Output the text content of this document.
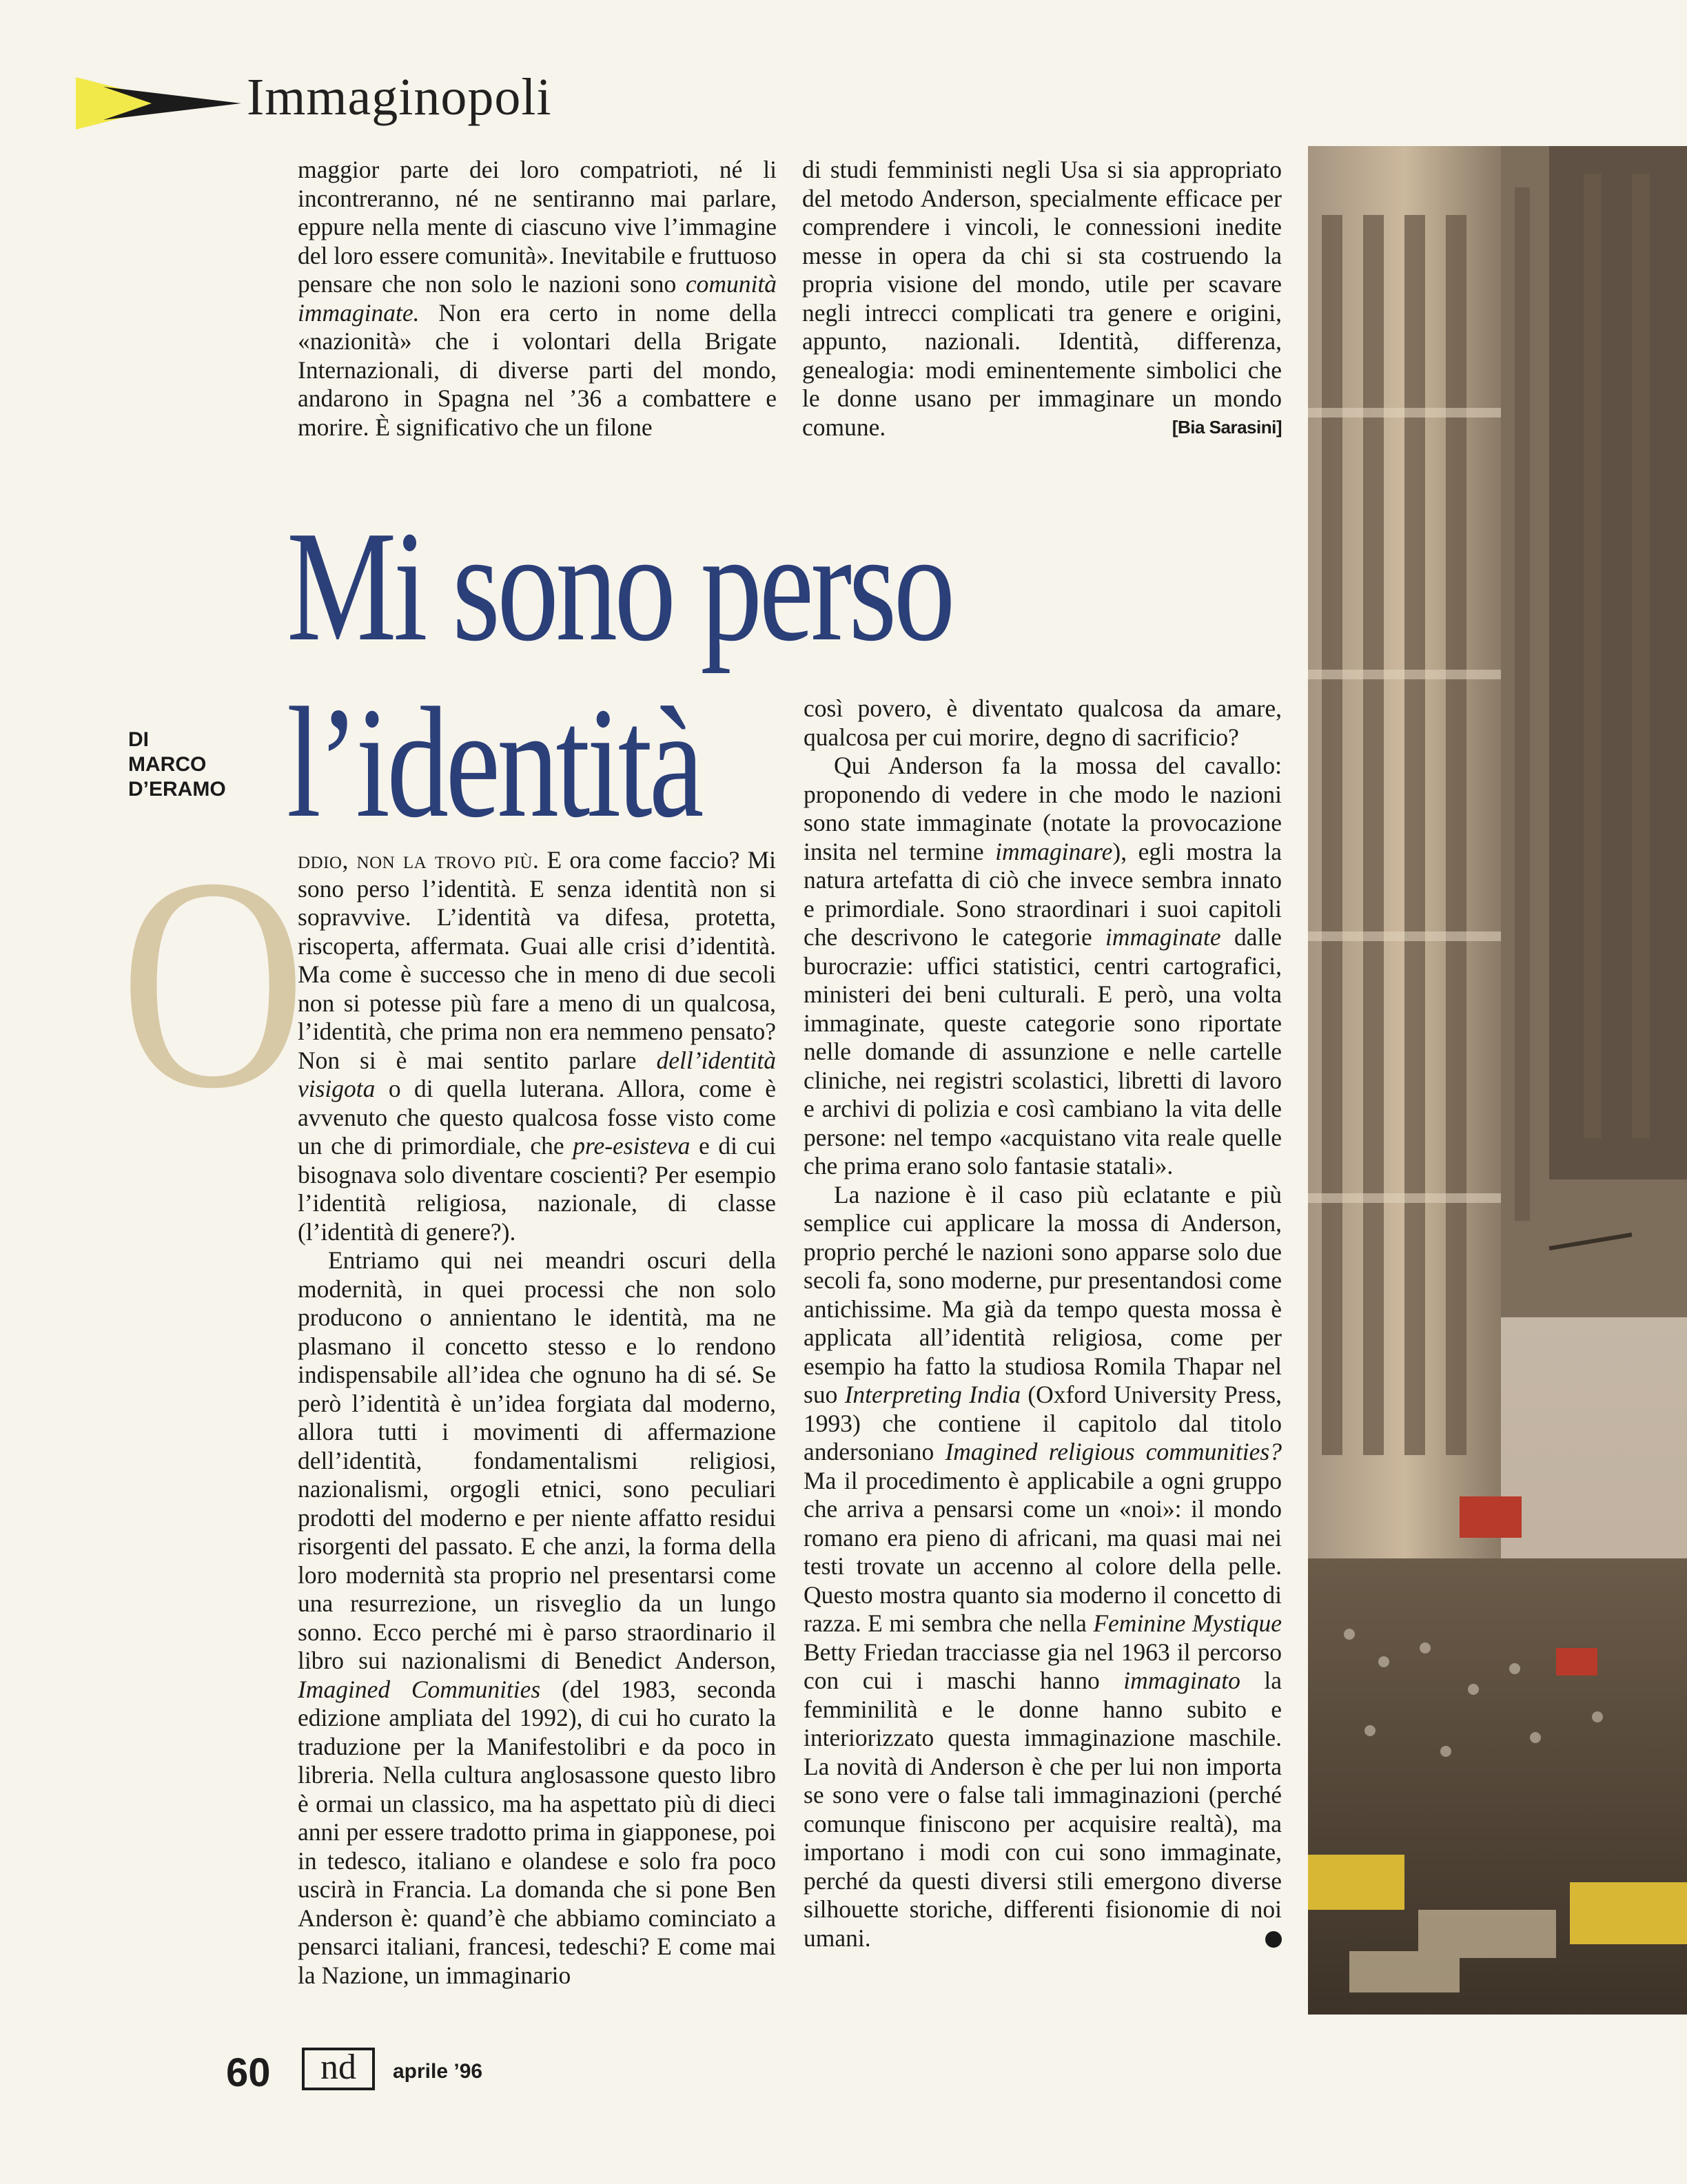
Immaginopoli

maggior parte dei loro compatrioti, né li incontreranno, né ne sentiranno mai parlare, eppure nella mente di ciascuno vive l’immagine del loro essere comunità». Inevitabile e fruttuoso pensare che non solo le nazioni sono comunità immaginate. Non era certo in nome della «nazionità» che i volontari della Brigate Internazionali, di diverse parti del mondo, andarono in Spagna nel ’36 a combattere e morire. È significativo che un filone

di studi femministi negli Usa si sia appropriato del metodo Anderson, specialmente efficace per comprendere i vincoli, le connessioni inedite messe in opera da chi si sta costruendo la propria visione del mondo, utile per scavare negli intrecci complicati tra genere e origini, appunto, nazionali. Identità, differenza, genealogia: modi eminentemente simbolici che le donne usano per immaginare un mondo comune.	[Bia Sarasini]

Mi sono perso
l’identità
DI
MARCO
D’ERAMO
O

ddio, non la trovo più. E ora come faccio? Mi sono perso l’identità. E senza identità non si sopravvive. L’identità va difesa, protetta, riscoperta, affermata. Guai alle crisi d’identità. Ma come è successo che in meno di due secoli non si potesse più fare a meno di un qualcosa, l’identità, che prima non era nemmeno pensato? Non si è mai sentito parlare dell’identità visigota o di quella luterana. Allora, come è avvenuto che questo qualcosa fosse visto come un che di primordiale, che pre-esisteva e di cui bisognava solo diventare coscienti? Per esempio l’identità religiosa, nazionale, di classe (l’identità di genere?).

Entriamo qui nei meandri oscuri della modernità, in quei processi che non solo producono o annientano le identità, ma ne plasmano il concetto stesso e lo rendono indispensabile all’idea che ognuno ha di sé. Se però l’identità è un’idea forgiata dal moderno, allora tutti i movimenti di affermazione dell’identità, fondamentalismi religiosi, nazionalismi, orgogli etnici, sono peculiari prodotti del moderno e per niente affatto residui risorgenti del passato. E che anzi, la forma della loro modernità sta proprio nel presentarsi come una resurrezione, un risveglio da un lungo sonno. Ecco perché mi è parso straordinario il libro sui nazionalismi di Benedict Anderson, Imagined Communities (del 1983, seconda edizione ampliata del 1992), di cui ho curato la traduzione per la Manifestolibri e da poco in libreria. Nella cultura anglosassone questo libro è ormai un classico, ma ha aspettato più di dieci anni per essere tradotto prima in giapponese, poi in tedesco, italiano e olandese e solo fra poco uscirà in Francia. La domanda che si pone Ben Anderson è: quand’è che abbiamo cominciato a pensarci italiani, francesi, tedeschi? E come mai la Nazione, un immaginario

così povero, è diventato qualcosa da amare, qualcosa per cui morire, degno di sacrificio?

Qui Anderson fa la mossa del cavallo: proponendo di vedere in che modo le nazioni sono state immaginate (notate la provocazione insita nel termine immaginare), egli mostra la natura artefatta di ciò che invece sembra innato e primordiale. Sono straordinari i suoi capitoli che descrivono le categorie immaginate dalle burocrazie: uffici statistici, centri cartografici, ministeri dei beni culturali. E però, una volta immaginate, queste categorie sono riportate nelle domande di assunzione e nelle cartelle cliniche, nei registri scolastici, libretti di lavoro e archivi di polizia e così cambiano la vita delle persone: nel tempo «acquistano vita reale quelle che prima erano solo fantasie statali».

La nazione è il caso più eclatante e più semplice cui applicare la mossa di Anderson, proprio perché le nazioni sono apparse solo due secoli fa, sono moderne, pur presentandosi come antichissime. Ma già da tempo questa mossa è applicata all’identità religiosa, come per esempio ha fatto la studiosa Romila Thapar nel suo Interpreting India (Oxford University Press, 1993) che contiene il capitolo dal titolo andersoniano Imagined religious communities? Ma il procedimento è applicabile a ogni gruppo che arriva a pensarsi come un «noi»: il mondo romano era pieno di africani, ma quasi mai nei testi trovate un accenno al colore della pelle. Questo mostra quanto sia moderno il concetto di razza. E mi sembra che nella Feminine Mystique Betty Friedan tracciasse gia nel 1963 il percorso con cui i maschi hanno immaginato la femminilità e le donne hanno subito e interiorizzato questa immaginazione maschile. La novità di Anderson è che per lui non importa se sono vere o false tali immaginazioni (perché comunque finiscono per acquisire realtà), ma importano i modi con cui sono immaginate, perché da questi diversi stili emergono diverse silhouette storiche, differenti fisionomie di noi umani.

60	nd	aprile ’96
